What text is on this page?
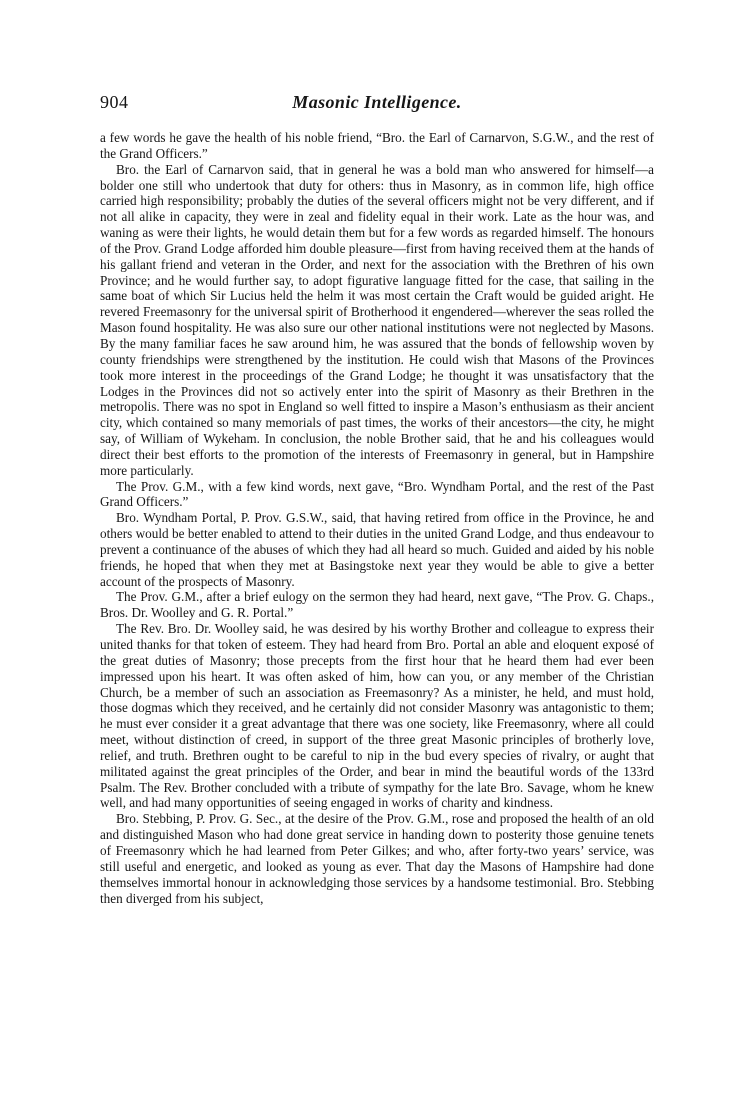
904	Masonic Intelligence.

a few words he gave the health of his noble friend, “Bro. the Earl of Carnarvon, S.G.W., and the rest of the Grand Officers.”

Bro. the Earl of Carnarvon said, that in general he was a bold man who answered for himself—a bolder one still who undertook that duty for others: thus in Masonry, as in common life, high office carried high responsibility; probably the duties of the several officers might not be very different, and if not all alike in capacity, they were in zeal and fidelity equal in their work. Late as the hour was, and waning as were their lights, he would detain them but for a few words as regarded himself. The honours of the Prov. Grand Lodge afforded him double pleasure—first from having received them at the hands of his gallant friend and veteran in the Order, and next for the association with the Brethren of his own Province; and he would further say, to adopt figurative language fitted for the case, that sailing in the same boat of which Sir Lucius held the helm it was most certain the Craft would be guided aright. He revered Freemasonry for the universal spirit of Brotherhood it engendered—wherever the seas rolled the Mason found hospitality. He was also sure our other national institutions were not neglected by Masons. By the many familiar faces he saw around him, he was assured that the bonds of fellowship woven by county friendships were strengthened by the institution. He could wish that Masons of the Provinces took more interest in the proceedings of the Grand Lodge; he thought it was unsatisfactory that the Lodges in the Provinces did not so actively enter into the spirit of Masonry as their Brethren in the metropolis. There was no spot in England so well fitted to inspire a Mason’s enthusiasm as their ancient city, which contained so many memorials of past times, the works of their ancestors—the city, he might say, of William of Wykeham. In conclusion, the noble Brother said, that he and his colleagues would direct their best efforts to the promotion of the interests of Freemasonry in general, but in Hampshire more particularly.

The Prov. G.M., with a few kind words, next gave, “Bro. Wyndham Portal, and the rest of the Past Grand Officers.”

Bro. Wyndham Portal, P. Prov. G.S.W., said, that having retired from office in the Province, he and others would be better enabled to attend to their duties in the united Grand Lodge, and thus endeavour to prevent a continuance of the abuses of which they had all heard so much. Guided and aided by his noble friends, he hoped that when they met at Basingstoke next year they would be able to give a better account of the prospects of Masonry.

The Prov. G.M., after a brief eulogy on the sermon they had heard, next gave, “The Prov. G. Chaps., Bros. Dr. Woolley and G. R. Portal.”

The Rev. Bro. Dr. Woolley said, he was desired by his worthy Brother and colleague to express their united thanks for that token of esteem. They had heard from Bro. Portal an able and eloquent exposé of the great duties of Masonry; those precepts from the first hour that he heard them had ever been impressed upon his heart. It was often asked of him, how can you, or any member of the Christian Church, be a member of such an association as Freemasonry? As a minister, he held, and must hold, those dogmas which they received, and he certainly did not consider Masonry was antagonistic to them; he must ever consider it a great advantage that there was one society, like Freemasonry, where all could meet, without distinction of creed, in support of the three great Masonic principles of brotherly love, relief, and truth. Brethren ought to be careful to nip in the bud every species of rivalry, or aught that militated against the great principles of the Order, and bear in mind the beautiful words of the 133rd Psalm. The Rev. Brother concluded with a tribute of sympathy for the late Bro. Savage, whom he knew well, and had many opportunities of seeing engaged in works of charity and kindness.

Bro. Stebbing, P. Prov. G. Sec., at the desire of the Prov. G.M., rose and proposed the health of an old and distinguished Mason who had done great service in handing down to posterity those genuine tenets of Freemasonry which he had learned from Peter Gilkes; and who, after forty-two years’ service, was still useful and energetic, and looked as young as ever. That day the Masons of Hampshire had done themselves immortal honour in acknowledging those services by a handsome testimonial. Bro. Stebbing then diverged from his subject,
